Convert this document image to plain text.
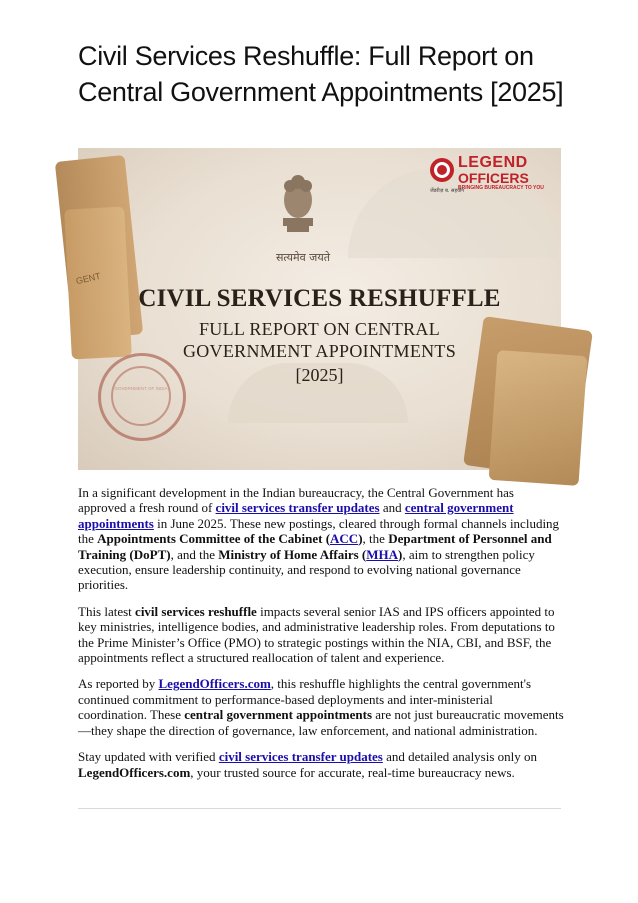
Civil Services Reshuffle: Full Report on Central Government Appointments [2025]
GENT
GOVERNMENT OF INDIA
सत्यमेव जयते
LEGEND
OFFICERS
BRINGING BUREAUCRACY TO YOU
जेंडरीज़ ब. सहयोग
CIVIL SERVICES RESHUFFLE
FULL REPORT ON CENTRAL
GOVERNMENT APPOINTMENTS
[2025]

In a significant development in the Indian bureaucracy, the Central Government has approved a fresh round of civil services transfer updates and central government appointments in June 2025. These new postings, cleared through formal channels including the Appointments Committee of the Cabinet (ACC), the Department of Personnel and Training (DoPT), and the Ministry of Home Affairs (MHA), aim to strengthen policy execution, ensure leadership continuity, and respond to evolving national governance priorities.

This latest civil services reshuffle impacts several senior IAS and IPS officers appointed to key ministries, intelligence bodies, and administrative leadership roles. From deputations to the Prime Minister’s Office (PMO) to strategic postings within the NIA, CBI, and BSF, the appointments reflect a structured reallocation of talent and experience.

As reported by LegendOfficers.com, this reshuffle highlights the central government's continued commitment to performance-based deployments and inter-ministerial coordination. These central government appointments are not just bureaucratic movements—they shape the direction of governance, law enforcement, and national administration.

Stay updated with verified civil services transfer updates and detailed analysis only on LegendOfficers.com, your trusted source for accurate, real-time bureaucracy news.
